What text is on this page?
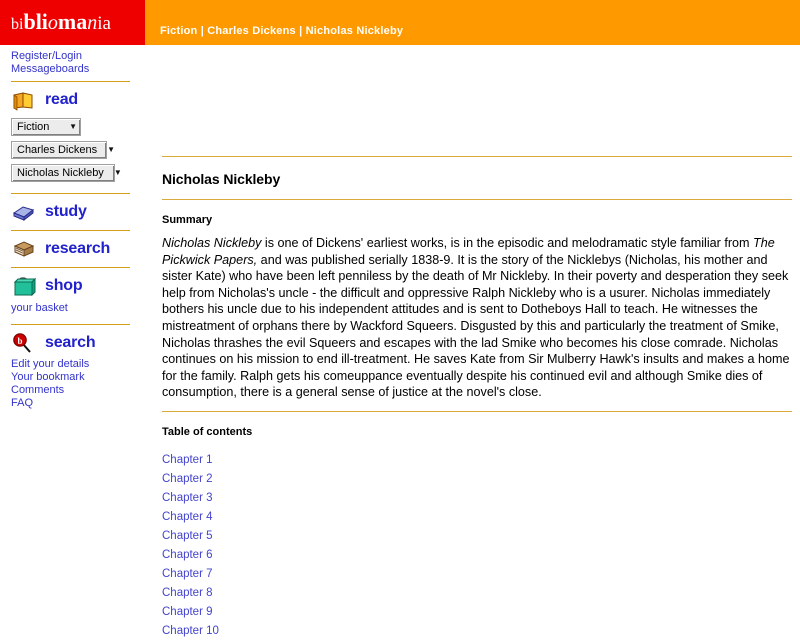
bibliomania	Fiction | Charles Dickens | Nicholas Nickleby
Register/Login
Messageboards
read
Fiction ▼
Charles Dickens ▼
Nicholas Nickleby ▼
study
research
shop
your basket
b search
Edit your details
Your bookmark
Comments
FAQ
Nicholas Nickleby
Summary

Nicholas Nickleby is one of Dickens' earliest works, is in the episodic and melodramatic style familiar from The Pickwick Papers, and was published serially 1838-9. It is the story of the Nicklebys (Nicholas, his mother and sister Kate) who have been left penniless by the death of Mr Nickleby. In their poverty and desperation they seek help from Nicholas's uncle - the difficult and oppressive Ralph Nickleby who is a usurer. Nicholas immediately bothers his uncle due to his independent attitudes and is sent to Dotheboys Hall to teach. He witnesses the mistreatment of orphans there by Wackford Squeers. Disgusted by this and particularly the treatment of Smike, Nicholas thrashes the evil Squeers and escapes with the lad Smike who becomes his close comrade. Nicholas continues on his mission to end ill-treatment. He saves Kate from Sir Mulberry Hawk's insults and makes a home for the family. Ralph gets his comeuppance eventually despite his continued evil and although Smike dies of consumption, there is a general sense of justice at the novel's close.

Table of contents
Chapter 1
Chapter 2
Chapter 3
Chapter 4
Chapter 5
Chapter 6
Chapter 7
Chapter 8
Chapter 9
Chapter 10
